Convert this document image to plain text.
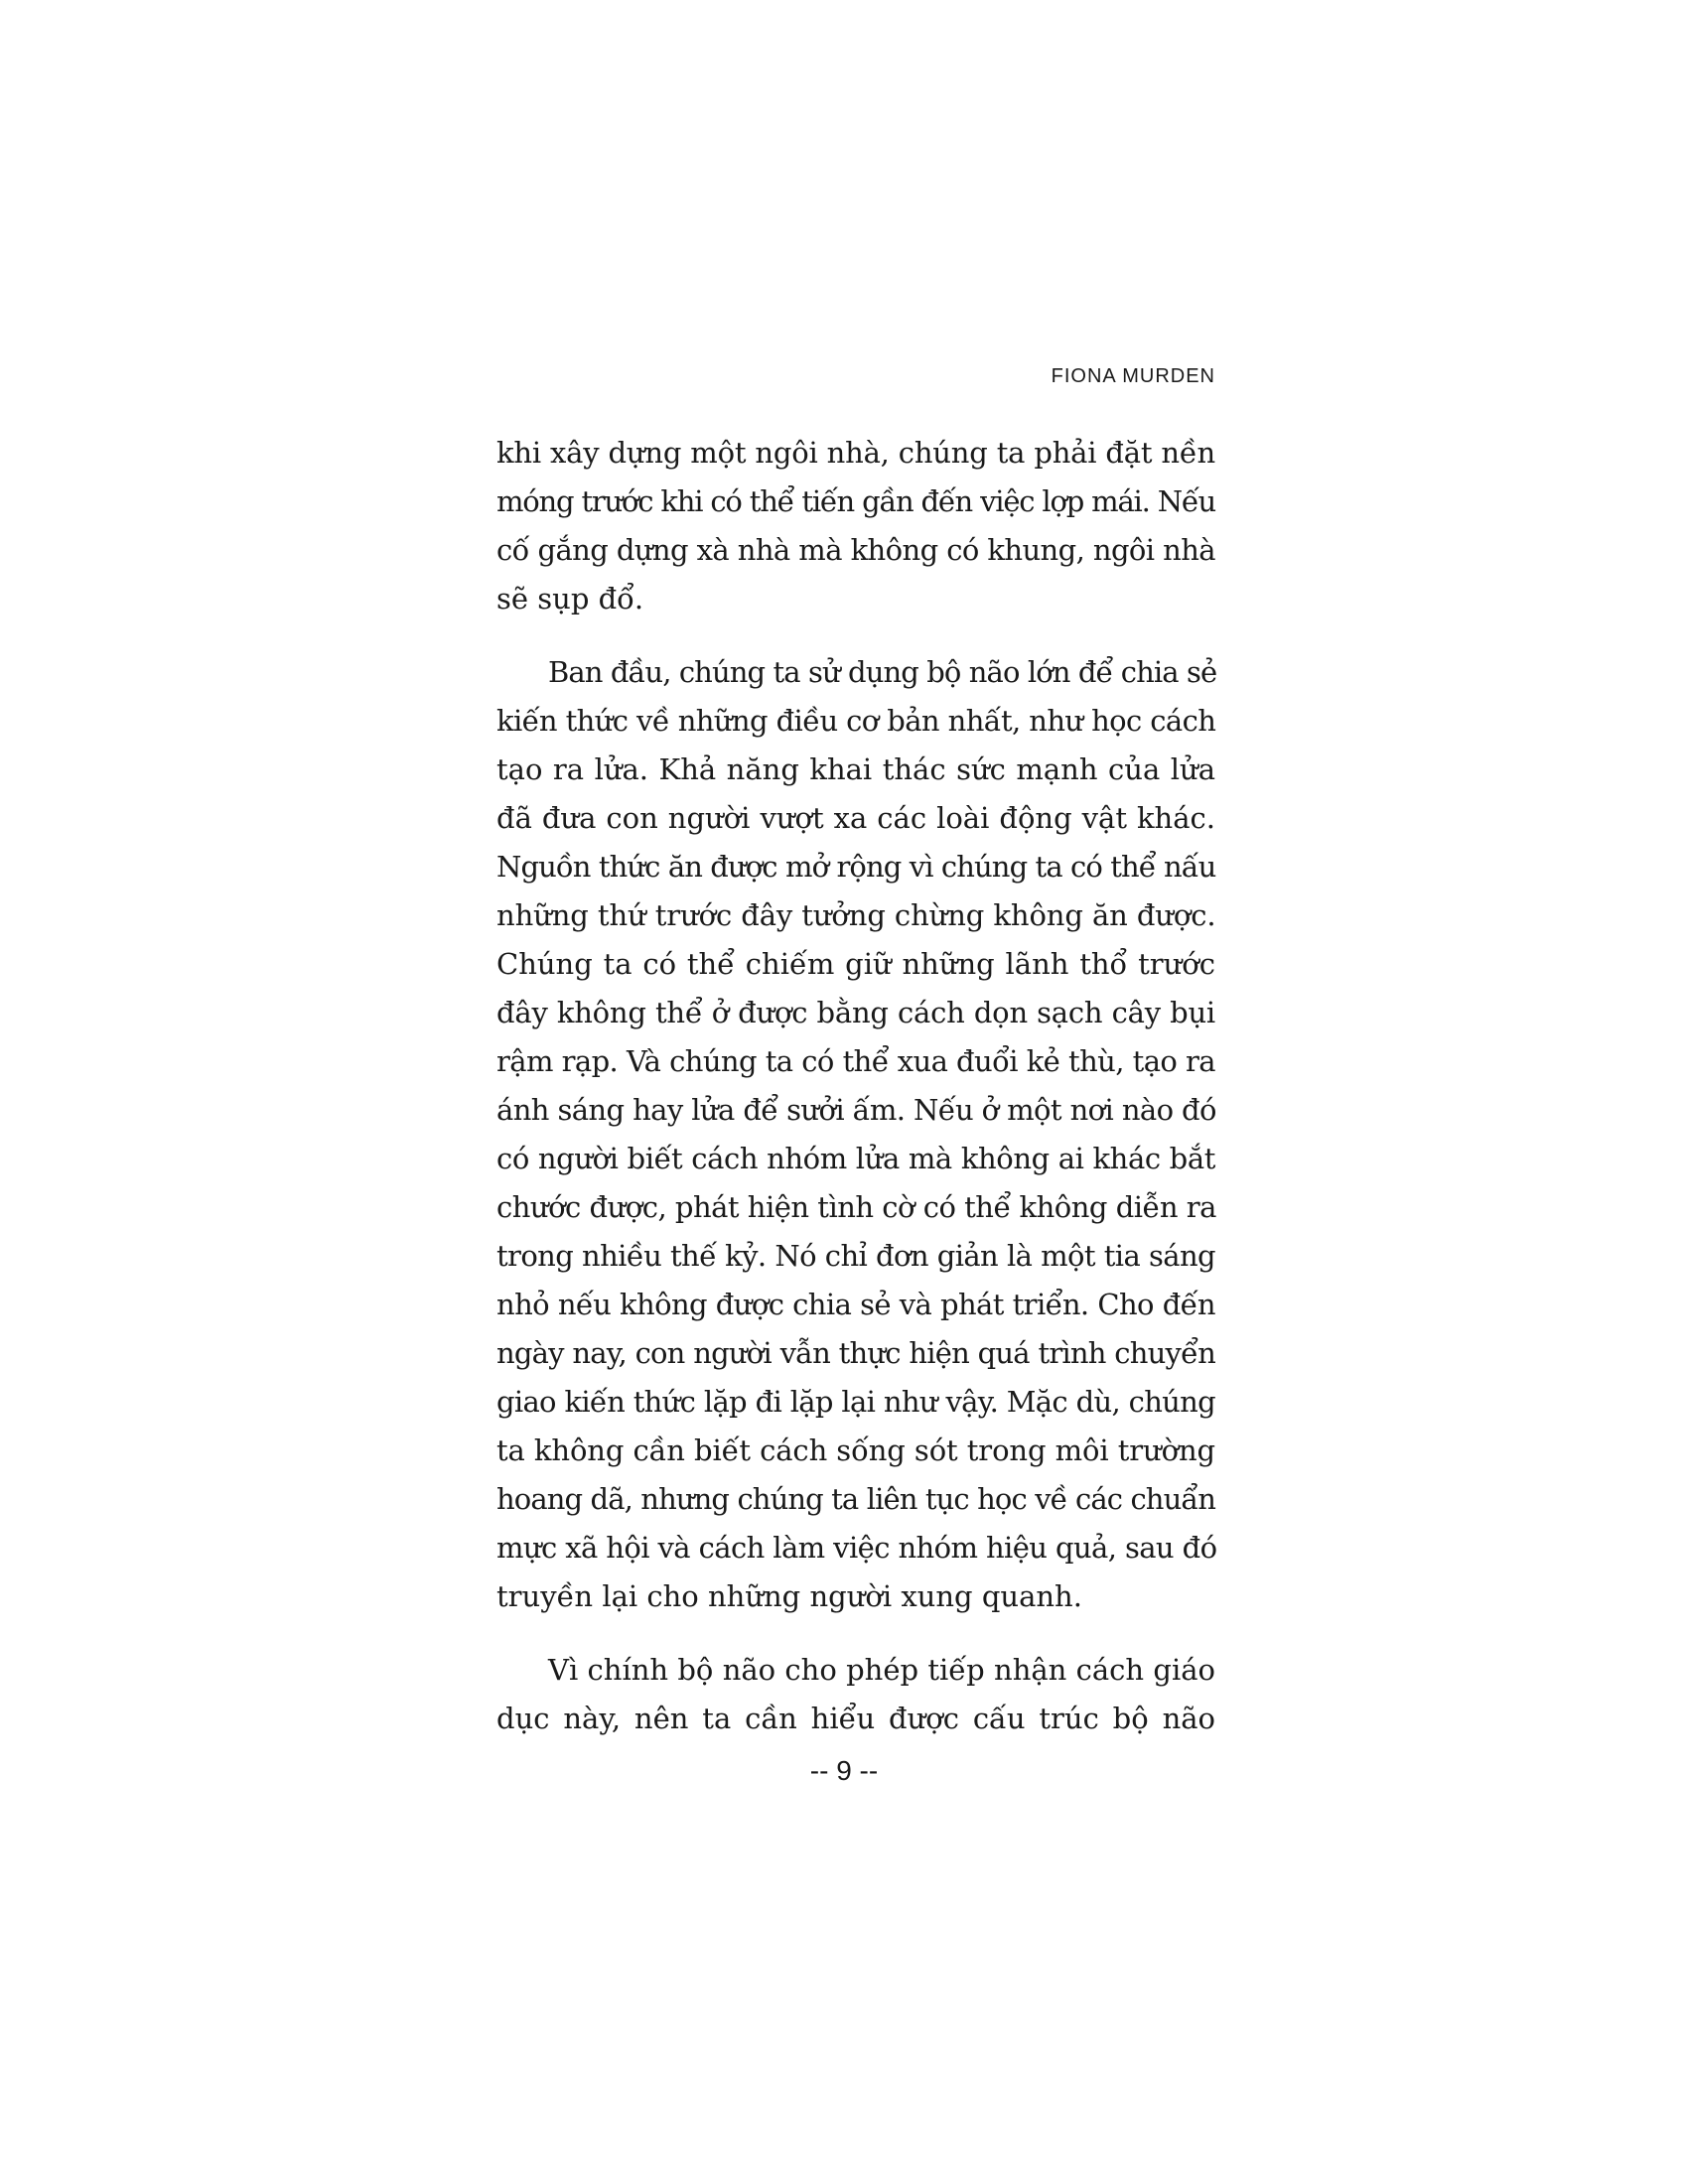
FIONA MURDEN
khi xây dựng một ngôi nhà, chúng ta phải đặt nền
móng trước khi có thể tiến gần đến việc lợp mái. Nếu
cố gắng dựng xà nhà mà không có khung, ngôi nhà
sẽ sụp đổ.
Ban đầu, chúng ta sử dụng bộ não lớn để chia sẻ
kiến thức về những điều cơ bản nhất, như học cách
tạo ra lửa. Khả năng khai thác sức mạnh của lửa
đã đưa con người vượt xa các loài động vật khác.
Nguồn thức ăn được mở rộng vì chúng ta có thể nấu
những thứ trước đây tưởng chừng không ăn được.
Chúng ta có thể chiếm giữ những lãnh thổ trước
đây không thể ở được bằng cách dọn sạch cây bụi
rậm rạp. Và chúng ta có thể xua đuổi kẻ thù, tạo ra
ánh sáng hay lửa để sưởi ấm. Nếu ở một nơi nào đó
có người biết cách nhóm lửa mà không ai khác bắt
chước được, phát hiện tình cờ có thể không diễn ra
trong nhiều thế kỷ. Nó chỉ đơn giản là một tia sáng
nhỏ nếu không được chia sẻ và phát triển. Cho đến
ngày nay, con người vẫn thực hiện quá trình chuyển
giao kiến thức lặp đi lặp lại như vậy. Mặc dù, chúng
ta không cần biết cách sống sót trong môi trường
hoang dã, nhưng chúng ta liên tục học về các chuẩn
mực xã hội và cách làm việc nhóm hiệu quả, sau đó
truyền lại cho những người xung quanh.
Vì chính bộ não cho phép tiếp nhận cách giáo
dục này, nên ta cần hiểu được cấu trúc bộ não
-- 9 --
